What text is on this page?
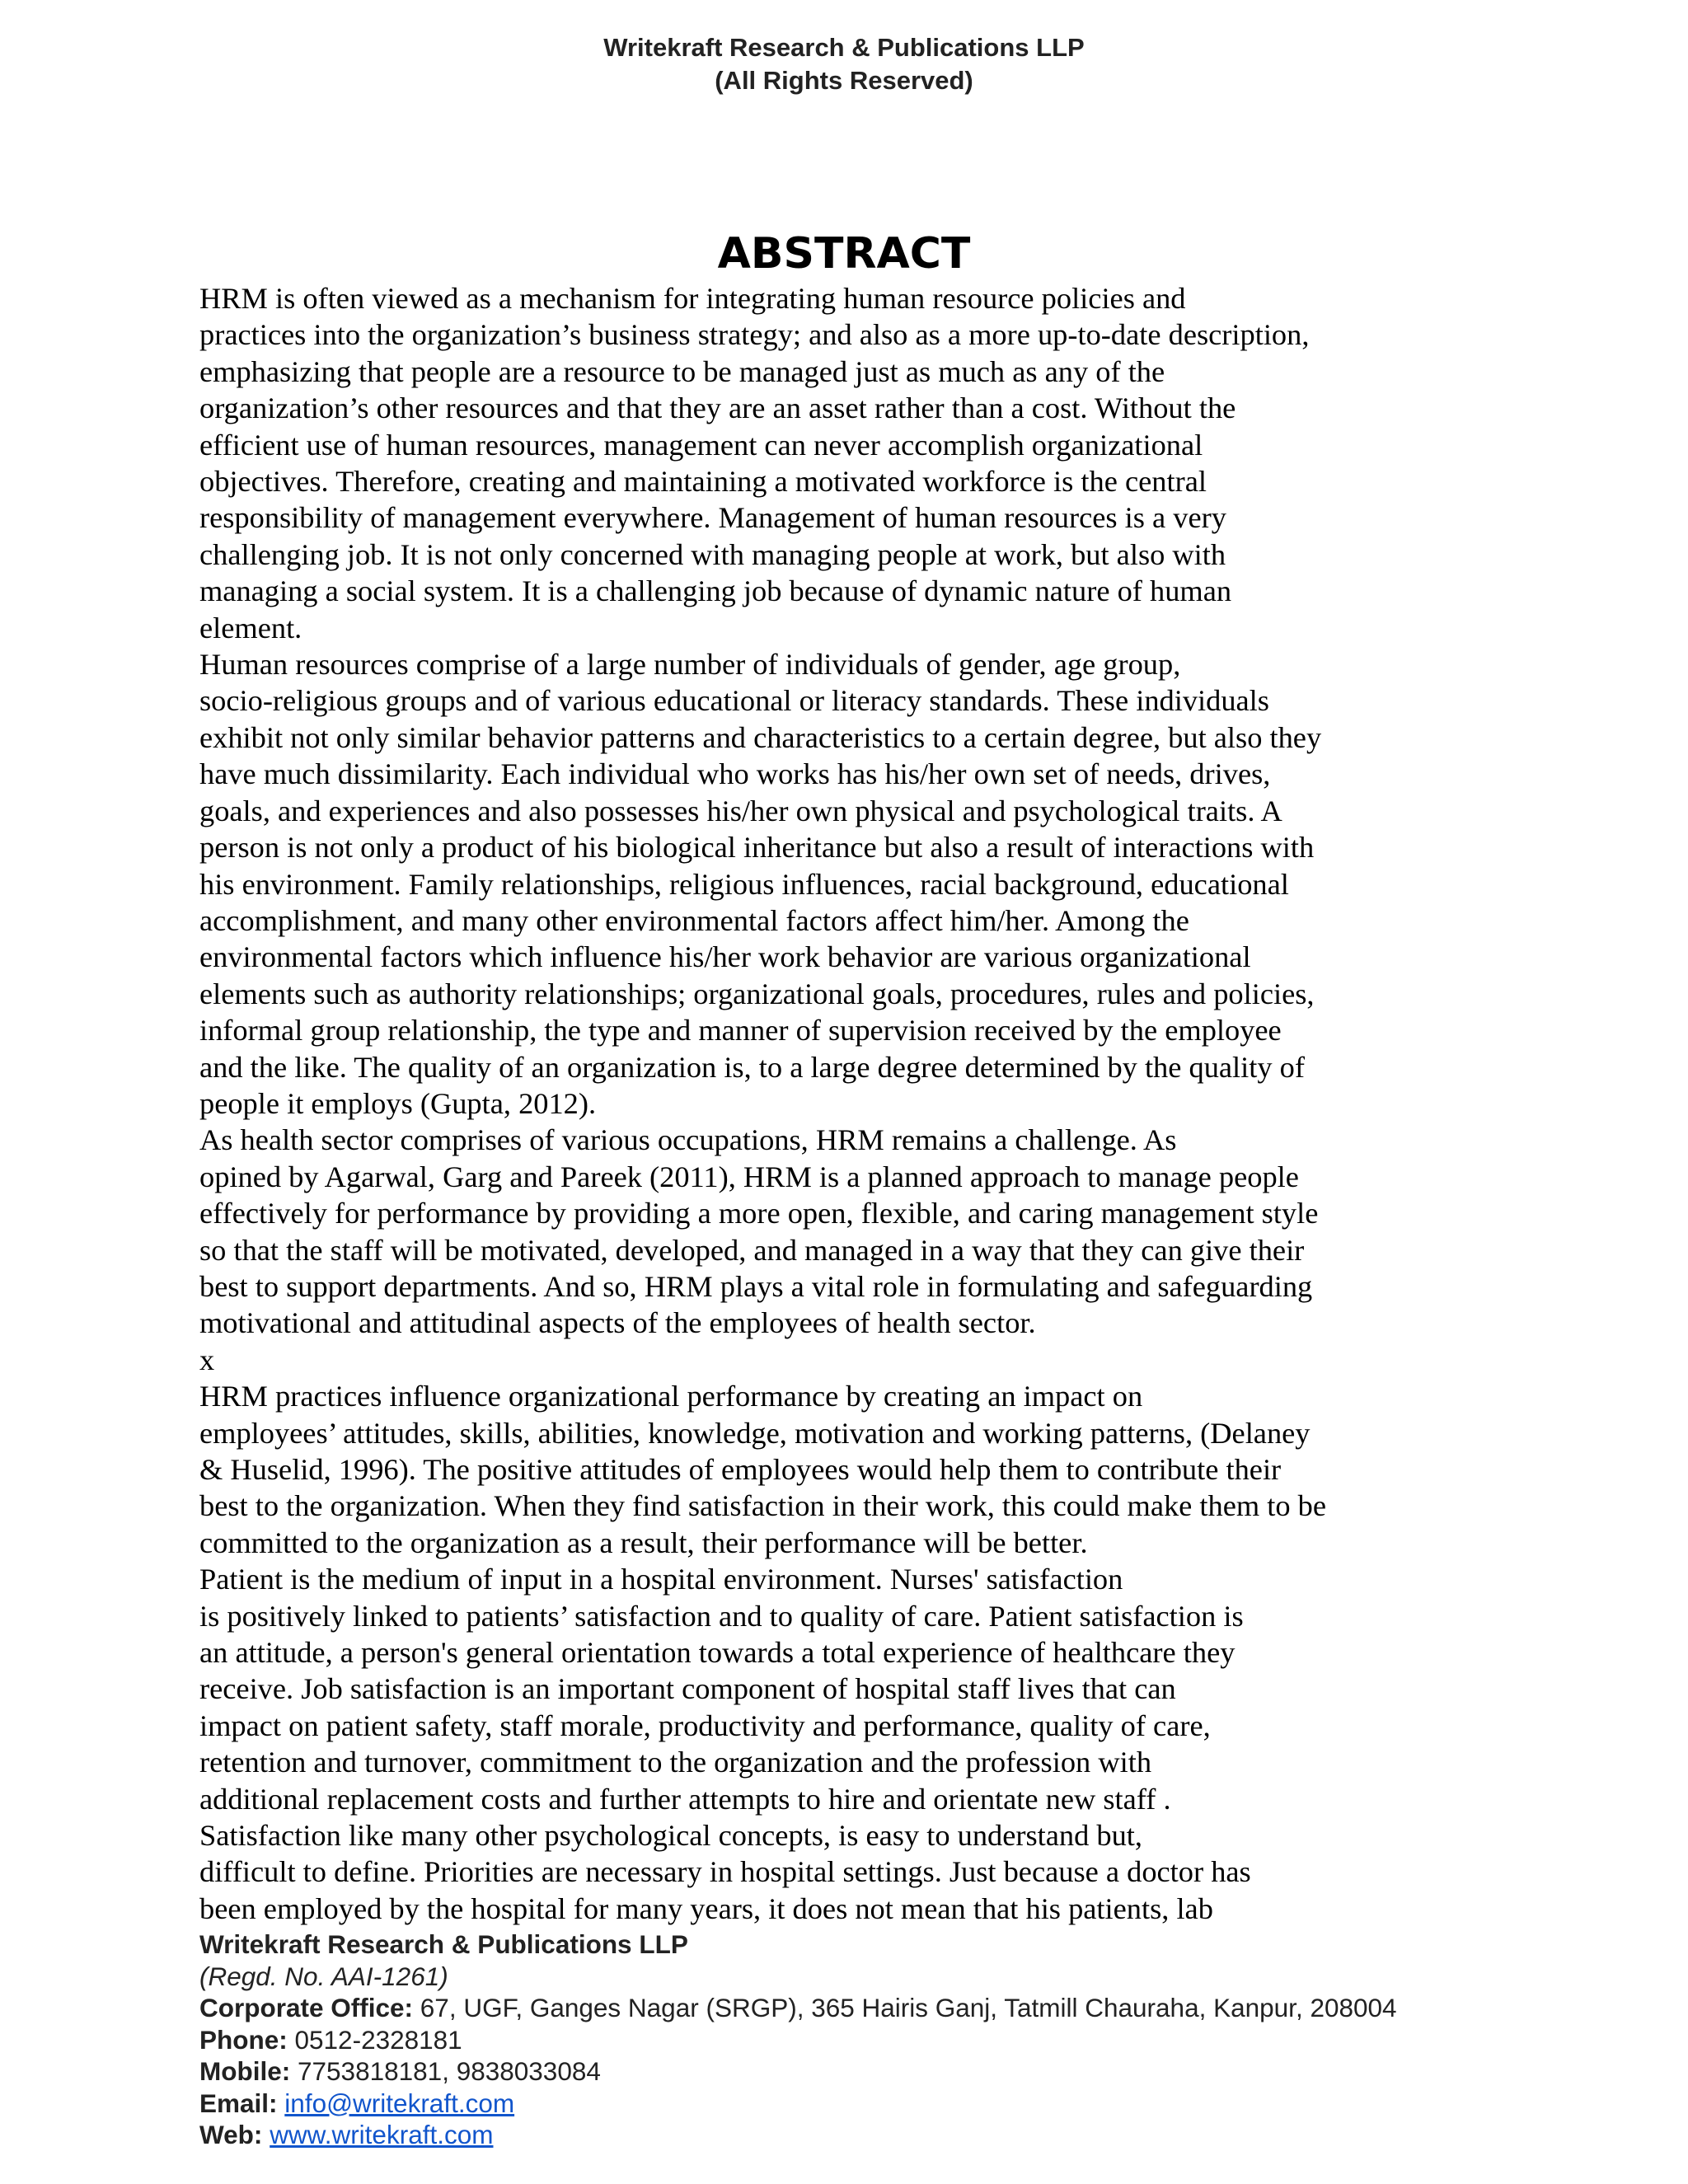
Writekraft Research & Publications LLP
(All Rights Reserved)
ABSTRACT
HRM is often viewed as a mechanism for integrating human resource policies and
practices into the organization’s business strategy; and also as a more up-to-date description,
emphasizing that people are a resource to be managed just as much as any of the
organization’s other resources and that they are an asset rather than a cost. Without the
efficient use of human resources, management can never accomplish organizational
objectives. Therefore, creating and maintaining a motivated workforce is the central
responsibility of management everywhere. Management of human resources is a very
challenging job. It is not only concerned with managing people at work, but also with
managing a social system. It is a challenging job because of dynamic nature of human
element.
Human resources comprise of a large number of individuals of gender, age group,
socio-religious groups and of various educational or literacy standards. These individuals
exhibit not only similar behavior patterns and characteristics to a certain degree, but also they
have much dissimilarity. Each individual who works has his/her own set of needs, drives,
goals, and experiences and also possesses his/her own physical and psychological traits. A
person is not only a product of his biological inheritance but also a result of interactions with
his environment. Family relationships, religious influences, racial background, educational
accomplishment, and many other environmental factors affect him/her. Among the
environmental factors which influence his/her work behavior are various organizational
elements such as authority relationships; organizational goals, procedures, rules and policies,
informal group relationship, the type and manner of supervision received by the employee
and the like. The quality of an organization is, to a large degree determined by the quality of
people it employs (Gupta, 2012).
As health sector comprises of various occupations, HRM remains a challenge. As
opined by Agarwal, Garg and Pareek (2011), HRM is a planned approach to manage people
effectively for performance by providing a more open, flexible, and caring management style
so that the staff will be motivated, developed, and managed in a way that they can give their
best to support departments. And so, HRM plays a vital role in formulating and safeguarding
motivational and attitudinal aspects of the employees of health sector.
x
HRM practices influence organizational performance by creating an impact on
employees’ attitudes, skills, abilities, knowledge, motivation and working patterns, (Delaney
& Huselid, 1996). The positive attitudes of employees would help them to contribute their
best to the organization. When they find satisfaction in their work, this could make them to be
committed to the organization as a result, their performance will be better.
Patient is the medium of input in a hospital environment. Nurses' satisfaction
is positively linked to patients’ satisfaction and to quality of care. Patient satisfaction is
an attitude, a person's general orientation towards a total experience of healthcare they
receive. Job satisfaction is an important component of hospital staff lives that can
impact on patient safety, staff morale, productivity and performance, quality of care,
retention and turnover, commitment to the organization and the profession with
additional replacement costs and further attempts to hire and orientate new staff .
Satisfaction like many other psychological concepts, is easy to understand but,
difficult to define. Priorities are necessary in hospital settings. Just because a doctor has
been employed by the hospital for many years, it does not mean that his patients, lab
Writekraft Research & Publications LLP
(Regd. No. AAI-1261)
Corporate Office: 67, UGF, Ganges Nagar (SRGP), 365 Hairis Ganj, Tatmill Chauraha, Kanpur, 208004
Phone: 0512-2328181
Mobile: 7753818181, 9838033084
Email: info@writekraft.com
Web: www.writekraft.com
